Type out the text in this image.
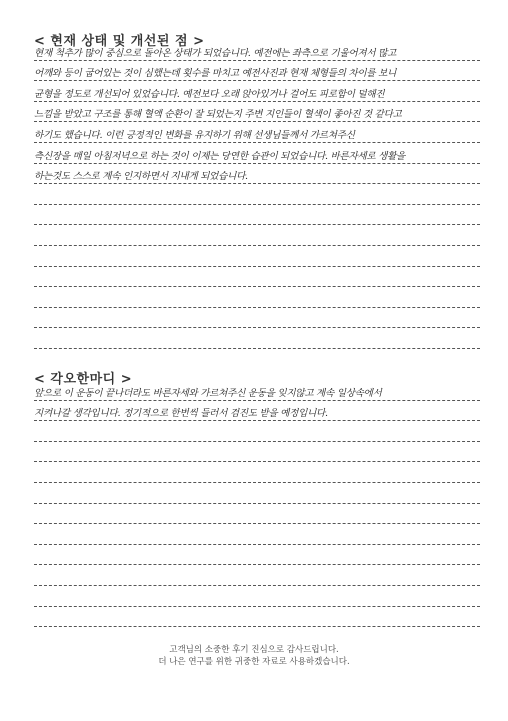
< 현재 상태 및 개선된 점 >
현재 척추가 많이 중심으로 돌아온 상태가 되었습니다. 예전에는 좌측으로 기울어져서 많고
어깨와 등이 굽어있는 것이 심했는데 횟수를 마치고 예전사진과 현재 체형들의 차이를 보니
균형을 정도로 개선되어 있었습니다. 예전보다 오래 앉아있거나 걸어도 피로함이 덜해진
느낌을 받았고 구조를 통해 혈액 순환이 잘 되었는지 주변 지인들이 혈색이 좋아진 것 같다고
하기도 했습니다. 이런 긍정적인 변화를 유지하기 위해 선생님들께서 가르쳐주신
측신장을 매일 아침저녁으로 하는 것이 이제는 당연한 습관이 되었습니다. 바른자세로 생활을
하는것도 스스로 계속 인지하면서 지내게 되었습니다.
< 각오한마디 >
앞으로 이 운동이 끝나더라도 바른자세와 가르쳐주신 운동을 잊지않고 계속 일상속에서
지켜나갈 생각입니다. 정기적으로 한번씩 들러서 검진도 받을 예정입니다.
고객님의 소중한 후기 진심으로 감사드립니다.
더 나은 연구를 위한 귀중한 자료로 사용하겠습니다.
